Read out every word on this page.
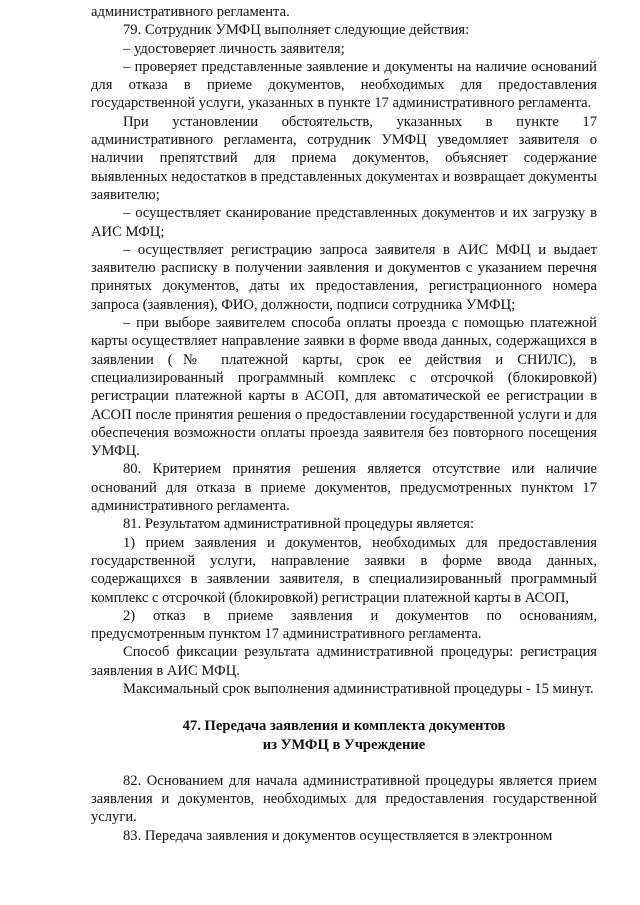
административного регламента.

79. Сотрудник УМФЦ выполняет следующие действия:

– удостоверяет личность заявителя;

– проверяет представленные заявление и документы на наличие оснований для отказа в приеме документов, необходимых для предоставления государственной услуги, указанных в пункте 17 административного регламента.

При установлении обстоятельств, указанных в пункте 17 административного регламента, сотрудник УМФЦ уведомляет заявителя о наличии препятствий для приема документов, объясняет содержание выявленных недостатков в представленных документах и возвращает документы заявителю;

– осуществляет сканирование представленных документов и их загрузку в АИС МФЦ;

– осуществляет регистрацию запроса заявителя в АИС МФЦ и выдает заявителю расписку в получении заявления и документов с указанием перечня принятых документов, даты их предоставления, регистрационного номера запроса (заявления), ФИО, должности, подписи сотрудника УМФЦ;

– при выборе заявителем способа оплаты проезда с помощью платежной карты осуществляет направление заявки в форме ввода данных, содержащихся в заявлении (№ платежной карты, срок ее действия и СНИЛС), в специализированный программный комплекс с отсрочкой (блокировкой) регистрации платежной карты в АСОП, для автоматической ее регистрации в АСОП после принятия решения о предоставлении государственной услуги и для обеспечения возможности оплаты проезда заявителя без повторного посещения УМФЦ.

80. Критерием принятия решения является отсутствие или наличие оснований для отказа в приеме документов, предусмотренных пунктом 17 административного регламента.

81. Результатом административной процедуры является:

1) прием заявления и документов, необходимых для предоставления государственной услуги, направление заявки в форме ввода данных, содержащихся в заявлении заявителя, в специализированный программный комплекс с отсрочкой (блокировкой) регистрации платежной карты в АСОП,

2) отказ в приеме заявления и документов по основаниям, предусмотренным пунктом 17 административного регламента.

Способ фиксации результата административной процедуры: регистрация заявления в АИС МФЦ.

Максимальный срок выполнения административной процедуры - 15 минут.

47. Передача заявления и комплекта документов
из УМФЦ в Учреждение

82. Основанием для начала административной процедуры является прием заявления и документов, необходимых для предоставления государственной услуги.

83. Передача заявления и документов осуществляется в электронном
